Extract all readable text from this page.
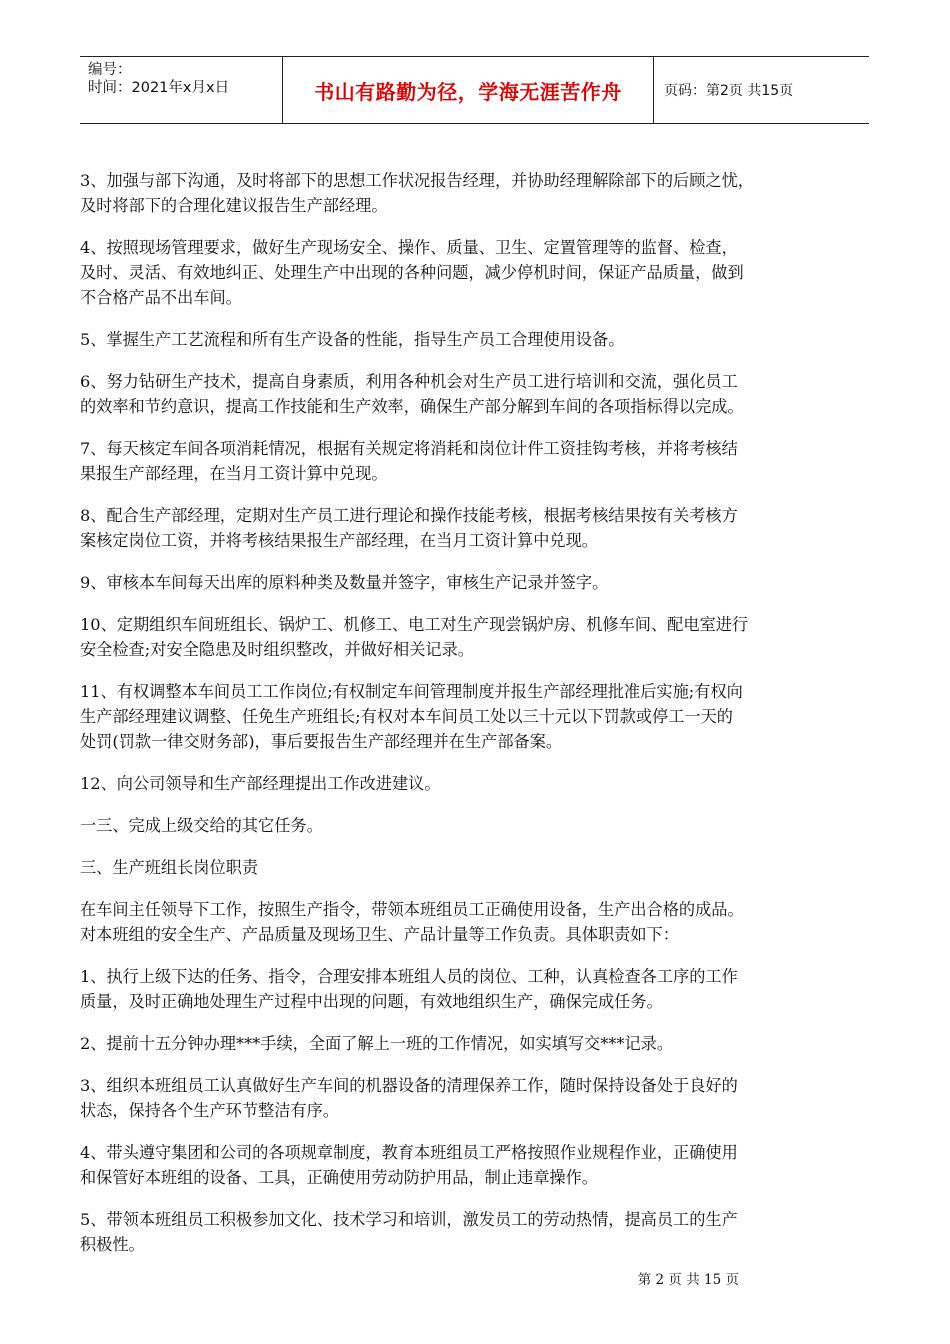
编号：
时间：2021年x月x日	书山有路勤为径，学海无涯苦作舟	页码：第2页 共15页

3、加强与部下沟通，及时将部下的思想工作状况报告经理，并协助经理解除部下的后顾之忧，
及时将部下的合理化建议报告生产部经理。

4、按照现场管理要求，做好生产现场安全、操作、质量、卫生、定置管理等的监督、检查，
及时、灵活、有效地纠正、处理生产中出现的各种问题，减少停机时间，保证产品质量，做到
不合格产品不出车间。

5、掌握生产工艺流程和所有生产设备的性能，指导生产员工合理使用设备。

6、努力钻研生产技术，提高自身素质，利用各种机会对生产员工进行培训和交流，强化员工
的效率和节约意识，提高工作技能和生产效率，确保生产部分解到车间的各项指标得以完成。

7、每天核定车间各项消耗情况，根据有关规定将消耗和岗位计件工资挂钩考核，并将考核结
果报生产部经理，在当月工资计算中兑现。

8、配合生产部经理，定期对生产员工进行理论和操作技能考核，根据考核结果按有关考核方
案核定岗位工资，并将考核结果报生产部经理，在当月工资计算中兑现。

9、审核本车间每天出库的原料种类及数量并签字，审核生产记录并签字。

10、定期组织车间班组长、锅炉工、机修工、电工对生产现尝锅炉房、机修车间、配电室进行
安全检查;对安全隐患及时组织整改，并做好相关记录。

11、有权调整本车间员工工作岗位;有权制定车间管理制度并报生产部经理批准后实施;有权向
生产部经理建议调整、任免生产班组长;有权对本车间员工处以三十元以下罚款或停工一天的
处罚(罚款一律交财务部)，事后要报告生产部经理并在生产部备案。

12、向公司领导和生产部经理提出工作改进建议。

一三、完成上级交给的其它任务。

三、生产班组长岗位职责

在车间主任领导下工作，按照生产指令，带领本班组员工正确使用设备，生产出合格的成品。
对本班组的安全生产、产品质量及现场卫生、产品计量等工作负责。具体职责如下：

1、执行上级下达的任务、指令，合理安排本班组人员的岗位、工种，认真检查各工序的工作
质量，及时正确地处理生产过程中出现的问题，有效地组织生产，确保完成任务。

2、提前十五分钟办理***手续，全面了解上一班的工作情况，如实填写交***记录。

3、组织本班组员工认真做好生产车间的机器设备的清理保养工作，随时保持设备处于良好的
状态，保持各个生产环节整洁有序。

4、带头遵守集团和公司的各项规章制度，教育本班组员工严格按照作业规程作业，正确使用
和保管好本班组的设备、工具，正确使用劳动防护用品，制止违章操作。

5、带领本班组员工积极参加文化、技术学习和培训，激发员工的劳动热情，提高员工的生产
积极性。

第 2 页 共 15 页
